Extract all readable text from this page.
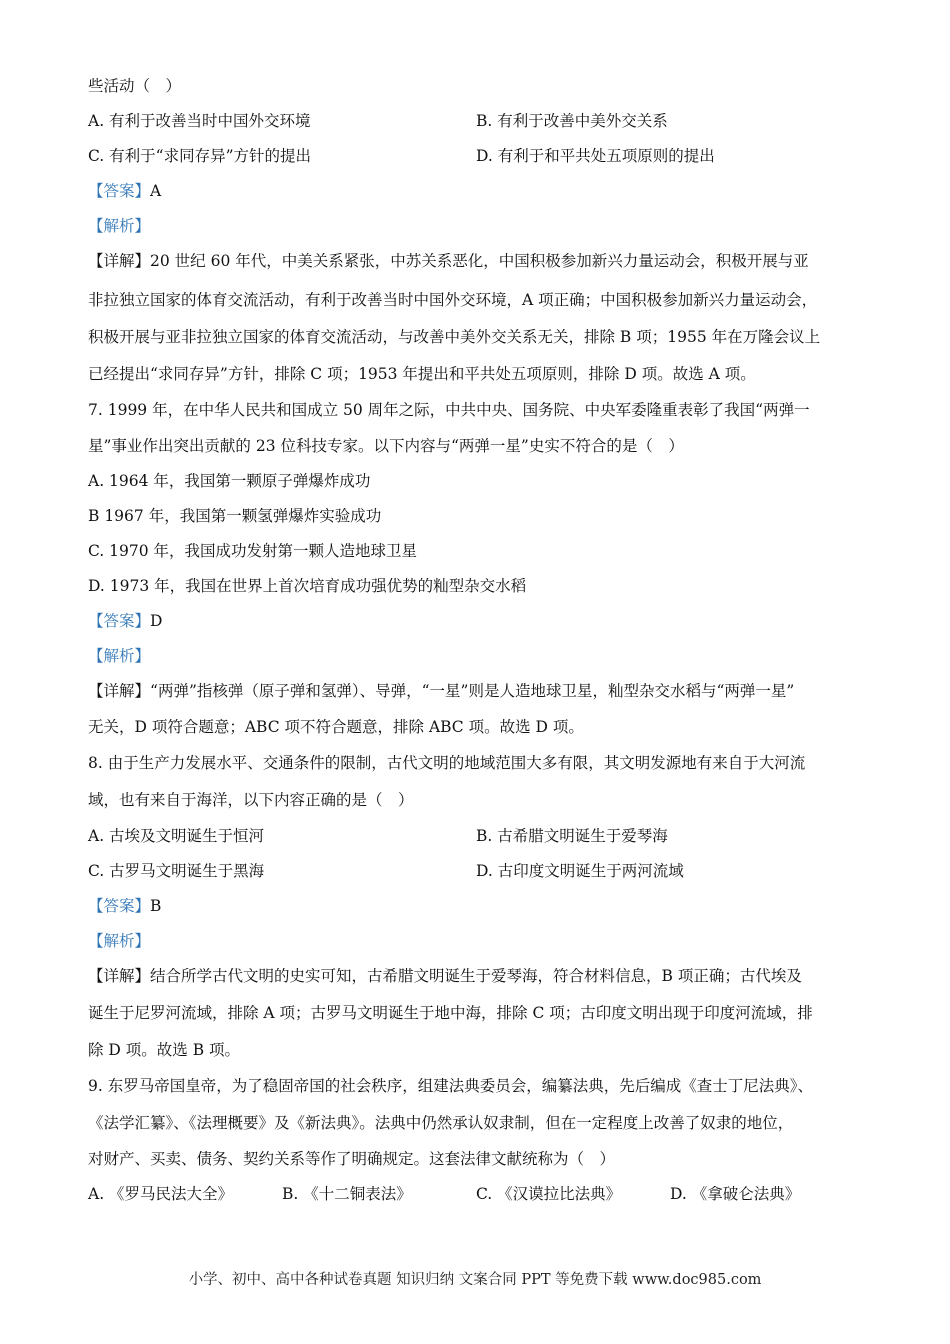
些活动（　）
A. 有利于改善当时中国外交环境	B. 有利于改善中美外交关系
C. 有利于“求同存异”方针的提出	D. 有利于和平共处五项原则的提出
【答案】A
【解析】
【详解】20 世纪 60 年代，中美关系紧张，中苏关系恶化，中国积极参加新兴力量运动会，积极开展与亚
非拉独立国家的体育交流活动，有利于改善当时中国外交环境，A 项正确；中国积极参加新兴力量运动会，
积极开展与亚非拉独立国家的体育交流活动，与改善中美外交关系无关，排除 B 项；1955 年在万隆会议上
已经提出“求同存异”方针，排除 C 项；1953 年提出和平共处五项原则，排除 D 项。故选 A 项。
7. 1999 年，在中华人民共和国成立 50 周年之际，中共中央、国务院、中央军委隆重表彰了我国“两弹一
星”事业作出突出贡献的 23 位科技专家。以下内容与“两弹一星”史实不符合的是（　）
A. 1964 年，我国第一颗原子弹爆炸成功
B 1967 年，我国第一颗氢弹爆炸实验成功
C. 1970 年，我国成功发射第一颗人造地球卫星
D. 1973 年，我国在世界上首次培育成功强优势的籼型杂交水稻
【答案】D
【解析】
【详解】“两弹”指核弹（原子弹和氢弹）、导弹，“一星”则是人造地球卫星，籼型杂交水稻与“两弹一星”
无关，D 项符合题意；ABC 项不符合题意，排除 ABC 项。故选 D 项。
8. 由于生产力发展水平、交通条件的限制，古代文明的地域范围大多有限，其文明发源地有来自于大河流
域，也有来自于海洋，以下内容正确的是（　）
A. 古埃及文明诞生于恒河	B. 古希腊文明诞生于爱琴海
C. 古罗马文明诞生于黑海	D. 古印度文明诞生于两河流域
【答案】B
【解析】
【详解】结合所学古代文明的史实可知，古希腊文明诞生于爱琴海，符合材料信息，B 项正确；古代埃及
诞生于尼罗河流域，排除 A 项；古罗马文明诞生于地中海，排除 C 项；古印度文明出现于印度河流域，排
除 D 项。故选 B 项。
9. 东罗马帝国皇帝，为了稳固帝国的社会秩序，组建法典委员会，编纂法典，先后编成《查士丁尼法典》、
《法学汇纂》、《法理概要》及《新法典》。法典中仍然承认奴隶制，但在一定程度上改善了奴隶的地位，
对财产、买卖、债务、契约关系等作了明确规定。这套法律文献统称为（　）
A. 《罗马民法大全》	B. 《十二铜表法》	C. 《汉谟拉比法典》	D. 《拿破仑法典》
小学、初中、高中各种试卷真题 知识归纳 文案合同 PPT 等免费下载 www.doc985.com
